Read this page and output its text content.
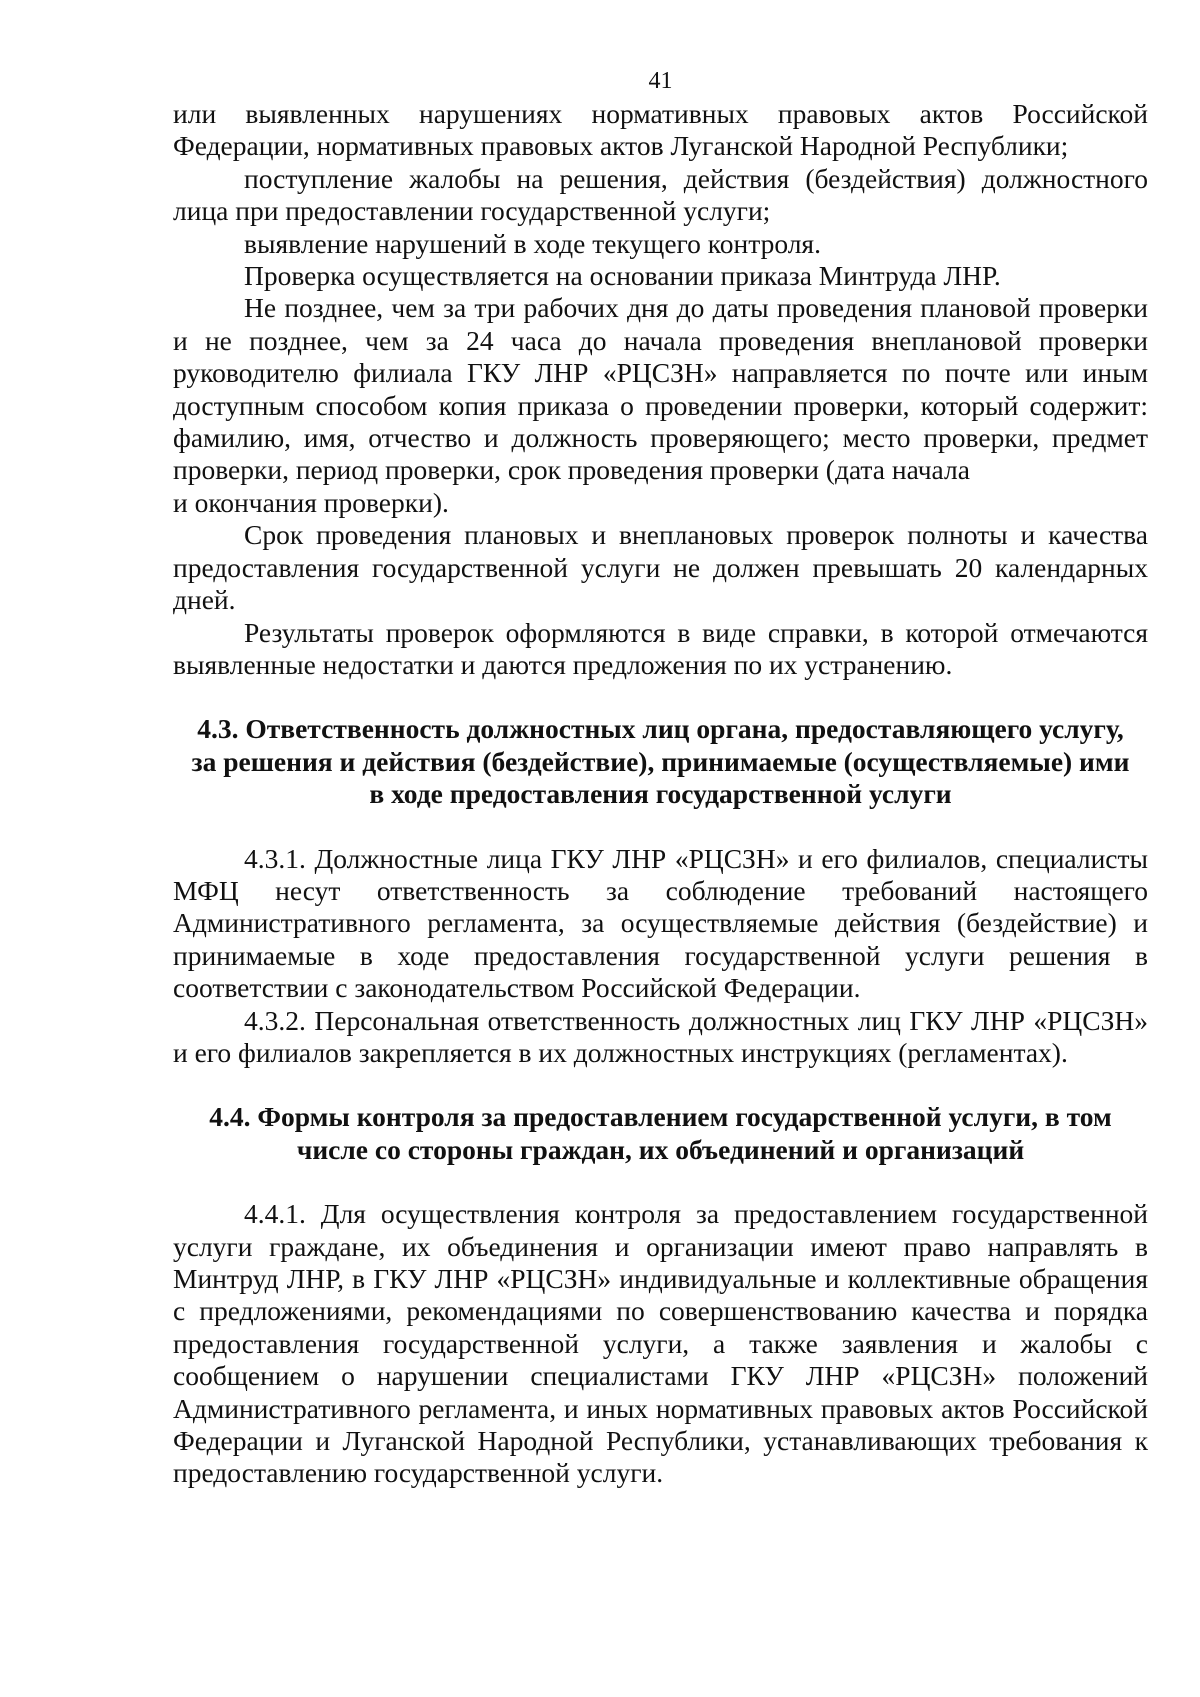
41

или выявленных нарушениях нормативных правовых актов Российской Федерации, нормативных правовых актов Луганской Народной Республики;

поступление жалобы на решения, действия (бездействия) должностного лица при предоставлении государственной услуги;

выявление нарушений в ходе текущего контроля.

Проверка осуществляется на основании приказа Минтруда ЛНР.

Не позднее, чем за три рабочих дня до даты проведения плановой проверки и не позднее, чем за 24 часа до начала проведения внеплановой проверки руководителю филиала ГКУ ЛНР «РЦСЗН» направляется по почте или иным доступным способом копия приказа о проведении проверки, который содержит: фамилию, имя, отчество и должность проверяющего; место проверки, предмет проверки, период проверки, срок проведения проверки (дата начала

и окончания проверки).

Срок проведения плановых и внеплановых проверок полноты и качества предоставления государственной услуги не должен превышать 20 календарных дней.

Результаты проверок оформляются в виде справки, в которой отмечаются выявленные недостатки и даются предложения по их устранению.

4.3. Ответственность должностных лиц органа, предоставляющего услугу,
за решения и действия (бездействие), принимаемые (осуществляемые) ими
в ходе предоставления государственной услуги

4.3.1. Должностные лица ГКУ ЛНР «РЦСЗН» и его филиалов, специалисты МФЦ несут ответственность за соблюдение требований настоящего Административного регламента, за осуществляемые действия (бездействие) и принимаемые в ходе предоставления государственной услуги решения в соответствии с законодательством Российской Федерации.

4.3.2. Персональная ответственность должностных лиц ГКУ ЛНР «РЦСЗН» и его филиалов закрепляется в их должностных инструкциях (регламентах).

4.4. Формы контроля за предоставлением государственной услуги, в том
числе со стороны граждан, их объединений и организаций

4.4.1. Для осуществления контроля за предоставлением государственной услуги граждане, их объединения и организации имеют право направлять в Минтруд ЛНР, в ГКУ ЛНР «РЦСЗН» индивидуальные и коллективные обращения с предложениями, рекомендациями по совершенствованию качества и порядка предоставления государственной услуги, а также заявления и жалобы с сообщением о нарушении специалистами ГКУ ЛНР «РЦСЗН» положений Административного регламента, и иных нормативных правовых актов Российской Федерации и Луганской Народной Республики, устанавливающих требования к предоставлению государственной услуги.
